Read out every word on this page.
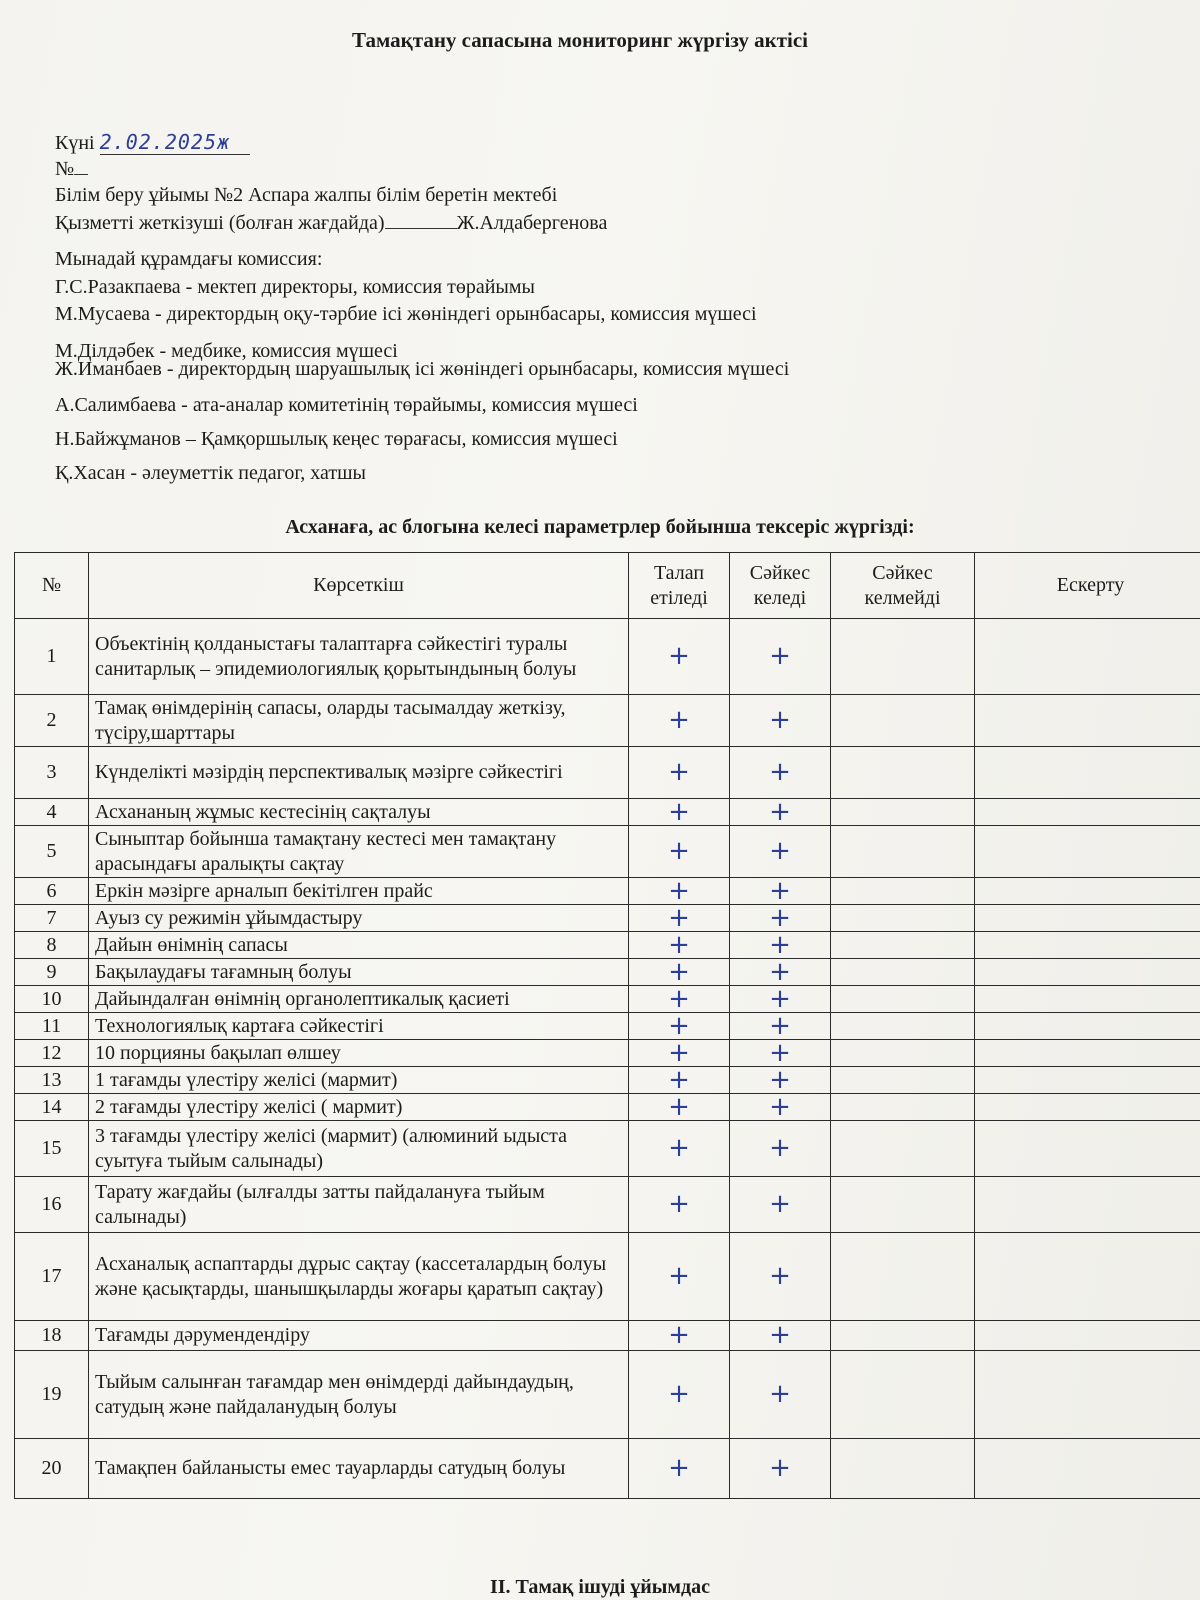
Тамақтану сапасына мониторинг жүргізу актісі
Күні 2.02.2025ж
№
Білім беру ұйымы №2 Аспара жалпы білім беретін мектебі
Қызметті жеткізуші (болған жағдайда)	Ж.Алдабергенова
Мынадай құрамдағы комиссия:
Г.С.Разакпаева - мектеп директоры, комиссия төрайымы
М.Мусаева - директордың оқу-тәрбие ісі жөніндегі орынбасары, комиссия мүшесі
М.Ділдәбек - медбике, комиссия мүшесі
Ж.Иманбаев - директордың шаруашылық ісі жөніндегі орынбасары, комиссия мүшесі
А.Салимбаева - ата-аналар комитетінің төрайымы, комиссия мүшесі
Н.Байжұманов – Қамқоршылық кеңес төрағасы, комиссия мүшесі
Қ.Хасан - әлеуметтік педагог, хатшы
Асханаға, ас блогына келесі параметрлер бойынша тексеріс жүргізді:
№	Көрсеткіш	Талап етіледі	Сәйкес келеді	Сәйкес келмейді	Ескерту
1	Объектінің қолданыстағы талаптарға сәйкестігі туралы санитарлық – эпидемиологиялық қорытындының болуы	+	+		
2	Тамақ өнімдерінің сапасы, оларды тасымалдау жеткізу, түсіру,шарттары	+	+		
3	Күнделікті мәзірдің перспективалық мәзірге сәйкестігі	+	+		
4	Асхананың жұмыс кестесінің сақталуы	+	+		
5	Сыныптар бойынша тамақтану кестесі мен тамақтану арасындағы аралықты сақтау	+	+		
6	Еркін мәзірге арналып бекітілген прайс	+	+		
7	Ауыз су режимін ұйымдастыру	+	+		
8	Дайын өнімнің сапасы	+	+		
9	Бақылаудағы тағамның болуы	+	+		
10	Дайындалған өнімнің органолептикалық қасиеті	+	+		
11	Технологиялық картаға сәйкестігі	+	+		
12	10 порцияны бақылап өлшеу	+	+		
13	1 тағамды үлестіру желісі (мармит)	+	+		
14	2 тағамды үлестіру желісі ( мармит)	+	+		
15	3 тағамды үлестіру желісі (мармит) (алюминий ыдыста суытуға тыйым салынады)	+	+		
16	Тарату жағдайы (ылғалды затты пайдалануға тыйым салынады)	+	+		
17	Асханалық аспаптарды дұрыс сақтау (кассеталардың болуы және қасықтарды, шанышқыларды жоғары қаратып сақтау)	+	+		
18	Тағамды дәрумендендіру	+	+		
19	Тыйым салынған тағамдар мен өнімдерді дайындаудың, сатудың және пайдаланудың болуы	+	+		
20	Тамақпен байланысты емес тауарларды сатудың болуы	+	+		
ІІ. Тамақ ішуді ұйымдас
